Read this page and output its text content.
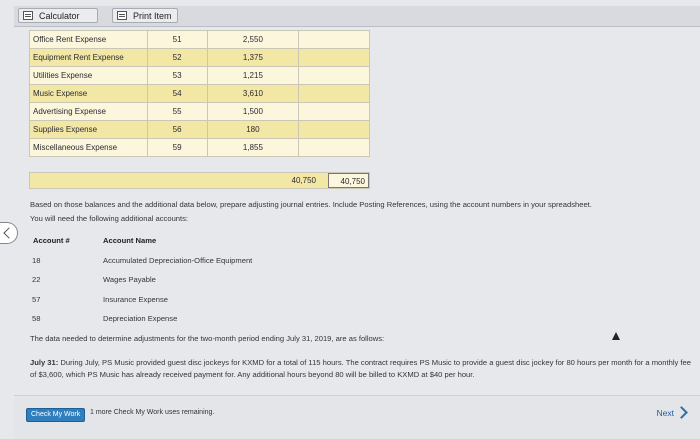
Calculator	Print Item
Office Rent Expense	51	2,550	
Equipment Rent Expense	52	1,375	
Utilities Expense	53	1,215	
Music Expense	54	3,610	
Advertising Expense	55	1,500	
Supplies Expense	56	180	
Miscellaneous Expense	59	1,855	
40,750	40,750
Based on those balances and the additional data below, prepare adjusting journal entries. Include Posting References, using the account numbers in your spreadsheet.
You will need the following additional accounts:
Account #	Account Name
18	Accumulated Depreciation-Office Equipment
22	Wages Payable
57	Insurance Expense
58	Depreciation Expense
The data needed to determine adjustments for the two-month period ending July 31, 2019, are as follows:
July 31: During July, PS Music provided guest disc jockeys for KXMD for a total of 115 hours. The contract requires PS Music to provide a guest disc jockey for 80 hours per month for a monthly fee of $3,600, which PS Music has already received payment for. Any additional hours beyond 80 will be billed to KXMD at $40 per hour.
Check My Work	1 more Check My Work uses remaining.	Next
